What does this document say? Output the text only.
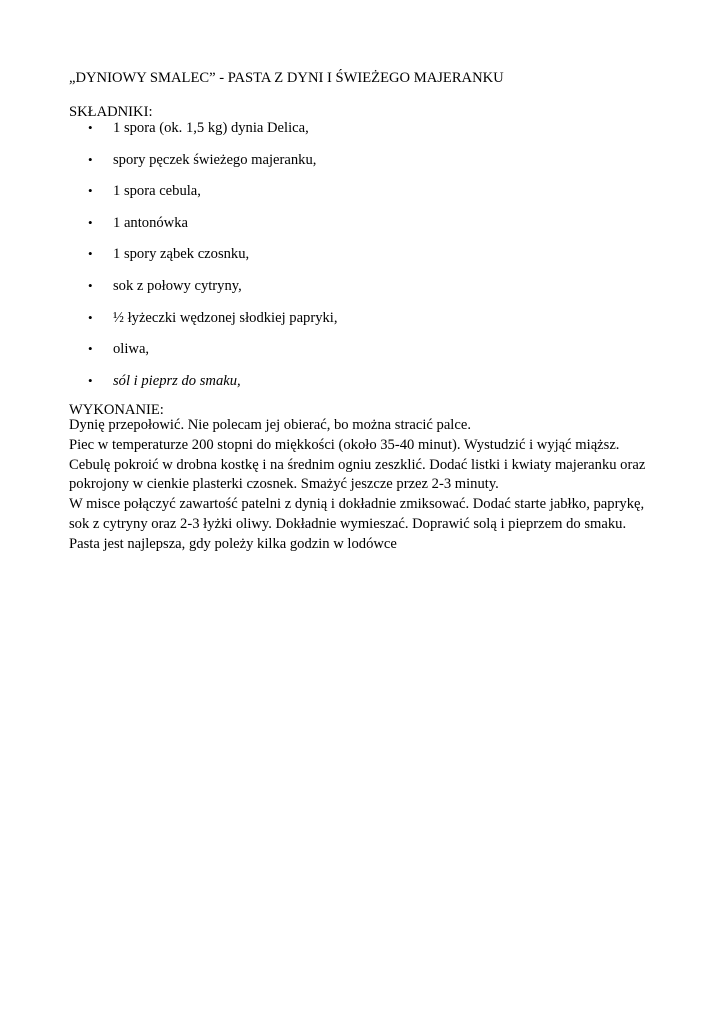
„DYNIOWY SMALEC” - PASTA Z DYNI I ŚWIEŻEGO MAJERANKU
SKŁADNIKI:
• 1 spora (ok. 1,5 kg) dynia Delica,
• spory pęczek świeżego majeranku,
• 1 spora cebula,
• 1 antonówka
• 1 spory ząbek czosnku,
• sok z połowy cytryny,
• ½ łyżeczki wędzonej słodkiej papryki,
• oliwa,
• sól i pieprz do smaku,
WYKONANIE:
Dynię przepołowić. Nie polecam jej obierać, bo można stracić palce.
Piec w temperaturze 200 stopni do miękkości (około 35-40 minut). Wystudzić i wyjąć miąższ.
Cebulę pokroić w drobna kostkę i na średnim ogniu zeszklić. Dodać listki i kwiaty majeranku oraz
pokrojony w cienkie plasterki czosnek. Smażyć jeszcze przez 2-3 minuty.
W misce połączyć zawartość patelni z dynią i dokładnie zmiksować. Dodać starte jabłko, paprykę,
sok z cytryny oraz 2-3 łyżki oliwy. Dokładnie wymieszać. Doprawić solą i pieprzem do smaku.
Pasta jest najlepsza, gdy poleży kilka godzin w lodówce
